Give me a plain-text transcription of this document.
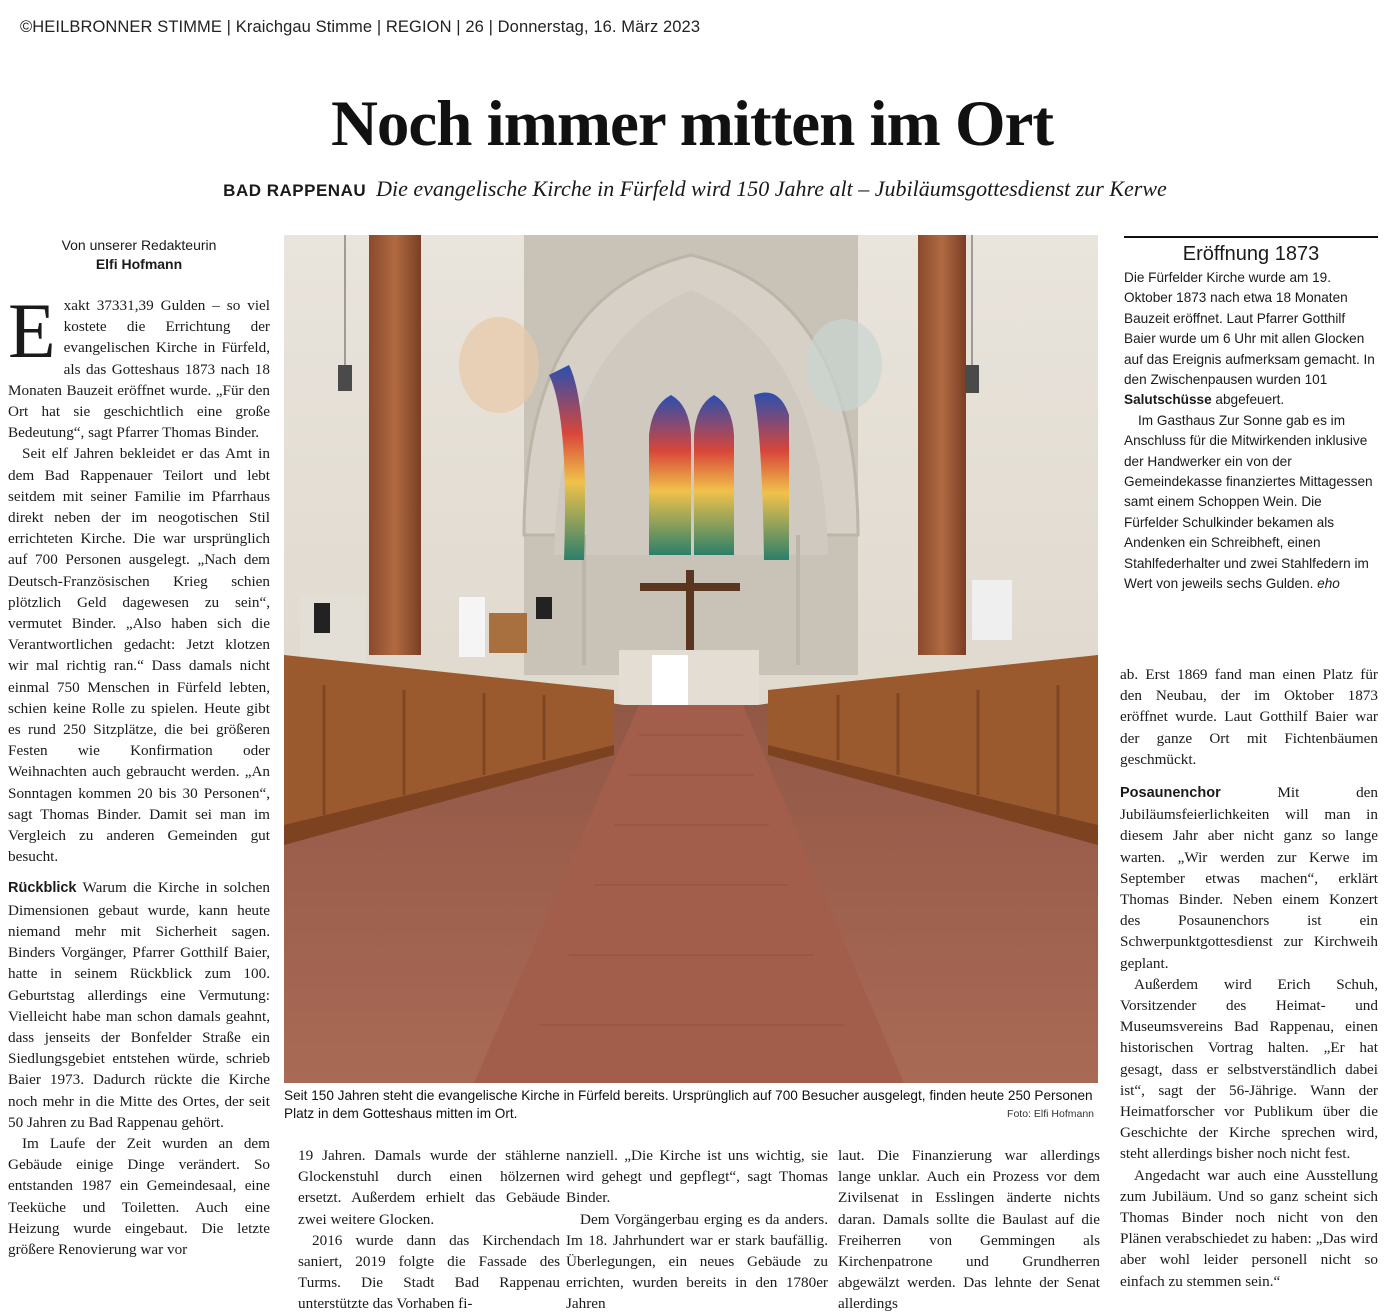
©HEILBRONNER STIMME | Kraichgau Stimme | REGION | 26 | Donnerstag, 16. März 2023
Noch immer mitten im Ort
BAD RAPPENAU Die evangelische Kirche in Fürfeld wird 150 Jahre alt – Jubiläumsgottesdienst zur Kerwe
Von unserer Redakteurin
Elfi Hofmann

Exakt 37331,39 Gulden – so viel kostete die Errichtung der evangelischen Kirche in Fürfeld, als das Gotteshaus 1873 nach 18 Monaten Bauzeit eröffnet wurde. „Für den Ort hat sie geschichtlich eine große Bedeutung“, sagt Pfarrer Thomas Binder.

Seit elf Jahren bekleidet er das Amt in dem Bad Rappenauer Teilort und lebt seitdem mit seiner Familie im Pfarrhaus direkt neben der im neogotischen Stil errichteten Kirche. Die war ursprünglich auf 700 Personen ausgelegt. „Nach dem Deutsch-Französischen Krieg schien plötzlich Geld dagewesen zu sein“, vermutet Binder. „Also haben sich die Verantwortlichen gedacht: Jetzt klotzen wir mal richtig ran.“ Dass damals nicht einmal 750 Menschen in Fürfeld lebten, schien keine Rolle zu spielen. Heute gibt es rund 250 Sitzplätze, die bei größeren Festen wie Konfirmation oder Weihnachten auch gebraucht werden. „An Sonntagen kommen 20 bis 30 Personen“, sagt Thomas Binder. Damit sei man im Vergleich zu anderen Gemeinden gut besucht.

Rückblick Warum die Kirche in solchen Dimensionen gebaut wurde, kann heute niemand mehr mit Sicherheit sagen. Binders Vorgänger, Pfarrer Gotthilf Baier, hatte in seinem Rückblick zum 100. Geburtstag allerdings eine Vermutung: Vielleicht habe man schon damals geahnt, dass jenseits der Bonfelder Straße ein Siedlungsgebiet entstehen würde, schrieb Baier 1973. Dadurch rückte die Kirche noch mehr in die Mitte des Ortes, der seit 50 Jahren zu Bad Rappenau gehört.

Im Laufe der Zeit wurden an dem Gebäude einige Dinge verändert. So entstanden 1987 ein Gemeindesaal, eine Teeküche und Toiletten. Auch eine Heizung wurde eingebaut. Die letzte größere Renovierung war vor

Seit 150 Jahren steht die evangelische Kirche in Fürfeld bereits. Ursprünglich auf 700 Besucher ausgelegt, finden heute 250 Personen Platz in dem Gotteshaus mitten im Ort.	Foto: Elfi Hofmann

19 Jahren. Damals wurde der stählerne Glockenstuhl durch einen hölzernen ersetzt. Außerdem erhielt das Gebäude zwei weitere Glocken.

2016 wurde dann das Kirchendach saniert, 2019 folgte die Fassade des Turms. Die Stadt Bad Rappenau unterstützte das Vorhaben fi-

nanziell. „Die Kirche ist uns wichtig, sie wird gehegt und gepflegt“, sagt Thomas Binder.

Dem Vorgängerbau erging es da anders. Im 18. Jahrhundert war er stark baufällig. Überlegungen, ein neues Gebäude zu errichten, wurden bereits in den 1780er Jahren

laut. Die Finanzierung war allerdings lange unklar. Auch ein Prozess vor dem Zivilsenat in Esslingen änderte nichts daran. Damals sollte die Baulast auf die Freiherren von Gemmingen als Kirchenpatrone und Grundherren abgewälzt werden. Das lehnte der Senat allerdings

Eröffnung 1873

Die Fürfelder Kirche wurde am 19. Oktober 1873 nach etwa 18 Monaten Bauzeit eröffnet. Laut Pfarrer Gotthilf Baier wurde um 6 Uhr mit allen Glocken auf das Ereignis aufmerksam gemacht. In den Zwischenpausen wurden 101 Salutschüsse abgefeuert.

Im Gasthaus Zur Sonne gab es im Anschluss für die Mitwirkenden inklusive der Handwerker ein von der Gemeindekasse finanziertes Mittagessen samt einem Schoppen Wein. Die Fürfelder Schulkinder bekamen als Andenken ein Schreibheft, einen Stahlfederhalter und zwei Stahlfedern im Wert von jeweils sechs Gulden. eho

ab. Erst 1869 fand man einen Platz für den Neubau, der im Oktober 1873 eröffnet wurde. Laut Gotthilf Baier war der ganze Ort mit Fichtenbäumen geschmückt.

Posaunenchor Mit den Jubiläumsfeierlichkeiten will man in diesem Jahr aber nicht ganz so lange warten. „Wir werden zur Kerwe im September etwas machen“, erklärt Thomas Binder. Neben einem Konzert des Posaunenchors ist ein Schwerpunktgottesdienst zur Kirchweih geplant.

Außerdem wird Erich Schuh, Vorsitzender des Heimat- und Museumsvereins Bad Rappenau, einen historischen Vortrag halten. „Er hat gesagt, dass er selbstverständlich dabei ist“, sagt der 56-Jährige. Wann der Heimatforscher vor Publikum über die Geschichte der Kirche sprechen wird, steht allerdings bisher noch nicht fest.

Angedacht war auch eine Ausstellung zum Jubiläum. Und so ganz scheint sich Thomas Binder noch nicht von den Plänen verabschiedet zu haben: „Das wird aber wohl leider personell nicht so einfach zu stemmen sein.“
